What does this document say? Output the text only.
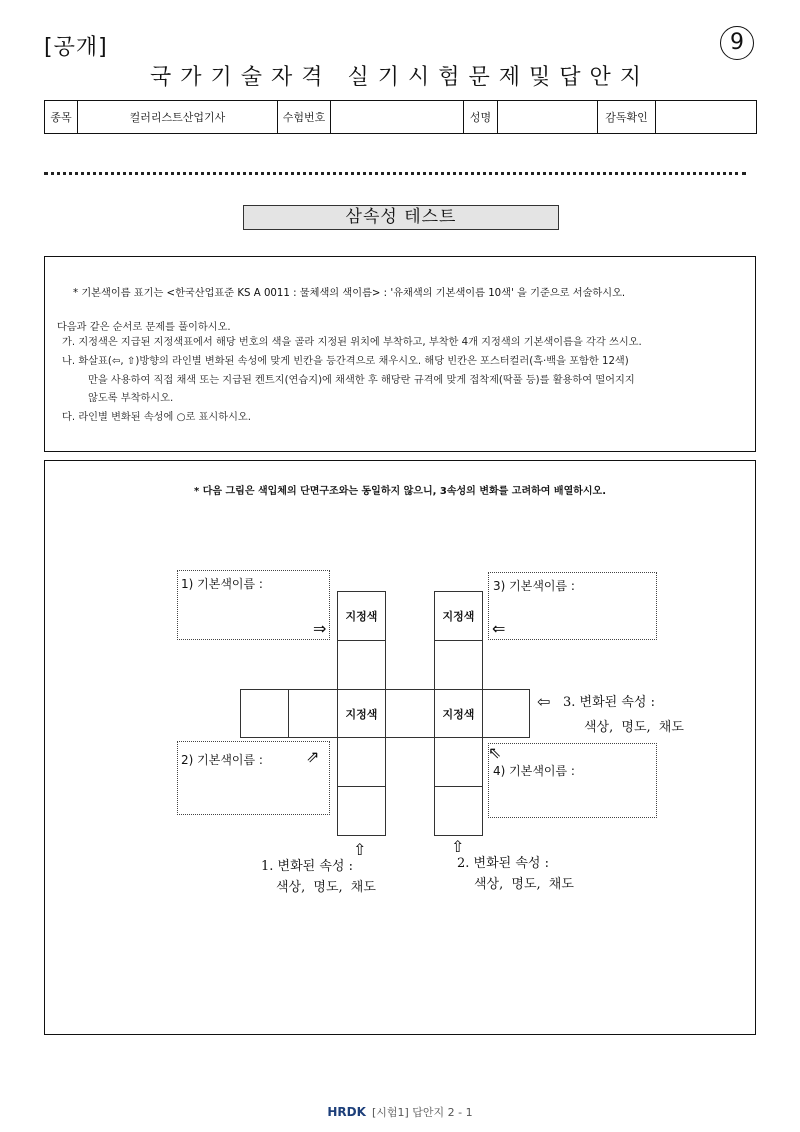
[공개]	9
국가기술자격 실기시험문제및답안지
종목	컬러리스트산업기사	수험번호	성명	감독확인
삼속성 테스트
* 기본색이름 표기는 <한국산업표준 KS A 0011 : 물체색의 색이름> : '유채색의 기본색이름 10색' 을 기준으로 서술하시오.
다음과 같은 순서로 문제를 풀이하시오.
가. 지정색은 지급된 지정색표에서 해당 번호의 색을 골라 지정된 위치에 부착하고, 부착한 4개 지정색의 기본색이름을 각각 쓰시오.
나. 화살표(⇦, ⇧)방향의 라인별 변화된 속성에 맞게 빈칸을 등간격으로 채우시오. 해당 빈칸은 포스터컬러(흑·백을 포함한 12색)
만을 사용하여 직접 채색 또는 지급된 켄트지(연습지)에 채색한 후 해당란 규격에 맞게 접착제(딱풀 등)를 활용하여 떨어지지
않도록 부착하시오.
다. 라인별 변화된 속성에 ○로 표시하시오.
* 다음 그림은 색입체의 단면구조와는 동일하지 않으니, 3속성의 변화를 고려하여 배열하시오.
1) 기본색이름 :	3) 기본색이름 :
2) 기본색이름 :
4) 기본색이름 :
지정색	지정색
지정색	지정색
⇒	⇐
⇗	⇖
⇦
⇧	⇧
3. 변화된 속성 :
색상, 명도, 채도
1. 변화된 속성 :
색상, 명도, 채도
2. 변화된 속성 :
색상, 명도, 채도
HRDK [시험1] 답안지 2 - 1
